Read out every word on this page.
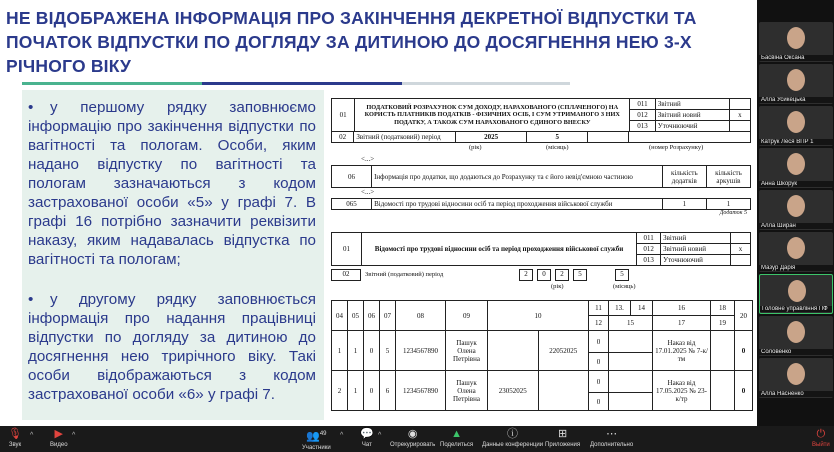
НЕ ВІДОБРАЖЕНА ІНФОРМАЦІЯ ПРО ЗАКІНЧЕННЯ ДЕКРЕТНОЇ ВІДПУСТКИ ТА ПОЧАТОК ВІДПУСТКИ ПО ДОГЛЯДУ ЗА ДИТИНОЮ ДО ДОСЯГНЕННЯ НЕЮ 3-Х РІЧНОГО ВІКУ
• у першому рядку заповнюємо інформацію про закінчення відпустки по вагітності та пологам. Особи, яким надано відпустку по вагітності та пологам зазначаються з кодом застрахованої особи «5» у графі 7. В графі 16 потрібно зазначити реквізити наказу, яким надавалась відпустка по вагітності та пологам;
• у другому рядку заповнюється інформація про надання працівниці відпустки по догляду за дитиною до досягнення нею трирічного віку. Такі особи відображаються з кодом застрахованої особи «6» у графі 7.
01	ПОДАТКОВИЙ РОЗРАХУНОК СУМ ДОХОДУ, НАРАХОВАНОГО (СПЛАЧЕНОГО) НА КОРИСТЬ ПЛАТНИКІВ ПОДАТКІВ - ФІЗИЧНИХ ОСІБ, І СУМ УТРИМАНОГО З НИХ ПОДАТКУ, А ТАКОЖ СУМ НАРАХОВАНОГО ЄДИНОГО ВНЕСКУ	011	Звітний	
		012	Звітний новий	х
		013	Уточнюючий	
02	Звітний (податковий) період	2025	5		
(рік)	(місяць)	(номер Розрахунку)
<...>
06	Інформація про додатки, що додаються до Розрахунку та є його невід'ємною частиною	кількість додатків	кількість аркушів
<...>
065	Відомості про трудові відносини осіб та період проходження військової служби	1	1
Додаток 5
01	Відомості про трудові відносини осіб та період проходження військової служби	011	Звітний	
		012	Звітний новий	х
		013	Уточнюючий	
02	Звітний (податковий) період	2	0	2	5	5
(рік)	(місяць)
04	05	06	07	08	09	10		11	13.	14	16	18	20
								12	15		17	19	
1	1	0	5	1234567890	Пашук Олена Петрівна		22052025	0			Наказ від 17.01.2025 № 7-к/тм		0
								0					
2	1	0	6	1234567890	Пашук Олена Петрівна	23052025		0			Наказ від 17.05.2025 № 23-к/тр		0
								0					
Басвіна Оксана
Алла Усикецька
Катрук Леся ВПР 1
Анна Шкорук
Алла Ширан
Мазур Дарія
Головне управління ПФ
Соловенко
Алла Насненко
🎙
Звук
^ ▶
Видео
^	👥$^{49}$
Участники
^ 💬
Чат
^ ◉
Отрекурировать
▲
Поделиться
ⓘ
Данные конференции
⊞
Приложения
⋯
Дополнительно
⏻
Выйти
